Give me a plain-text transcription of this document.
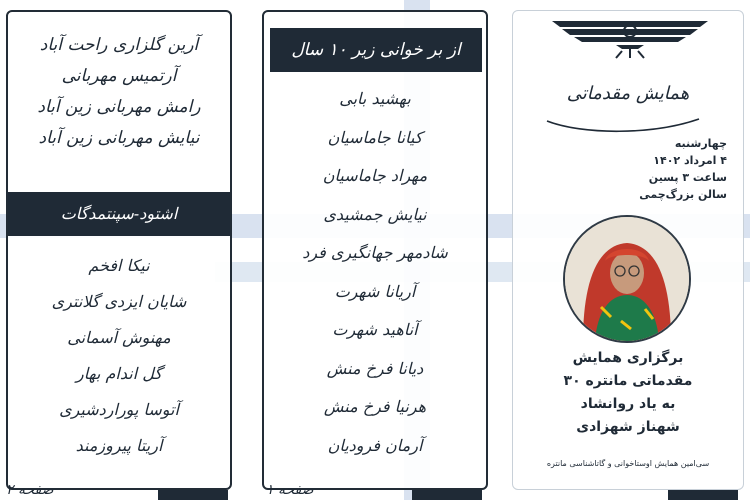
آرین گلزاری راحت آباد
آرتمیس مهربانی
رامش مهربانی زین آباد
نیایش مهربانی زین آباد
اشتود-سپنتمدگات
نیکا افخم
شایان ایزدی گلانتری
مهنوش آسمانی
گل اندام بهار
آتوسا پوراردشیری
آریتا پیروزمند
صفحه ۲
از بر خوانی زیر ۱۰ سال
بهشید بابی
کیانا جاماسیان
مهراد جاماسیان
نیایش جمشیدی
شادمهر جهانگیری فرد
آریانا شهرت
آناهید شهرت
دیانا فرخ منش
هرنیا فرخ منش
آرمان فرودیان
صفحه ۱
همایش مقدماتی
چهارشنبه
۴ امرداد ۱۴۰۲
ساعت ۳ پسین
سالن بزرگ‌چمی
برگزاری همایش
مقدماتی مانتره ۳۰
به یاد روانشاد
شهناز شهزادی
سی‌امین همایش اوستاخوانی و گاتاشناسی مانتره
